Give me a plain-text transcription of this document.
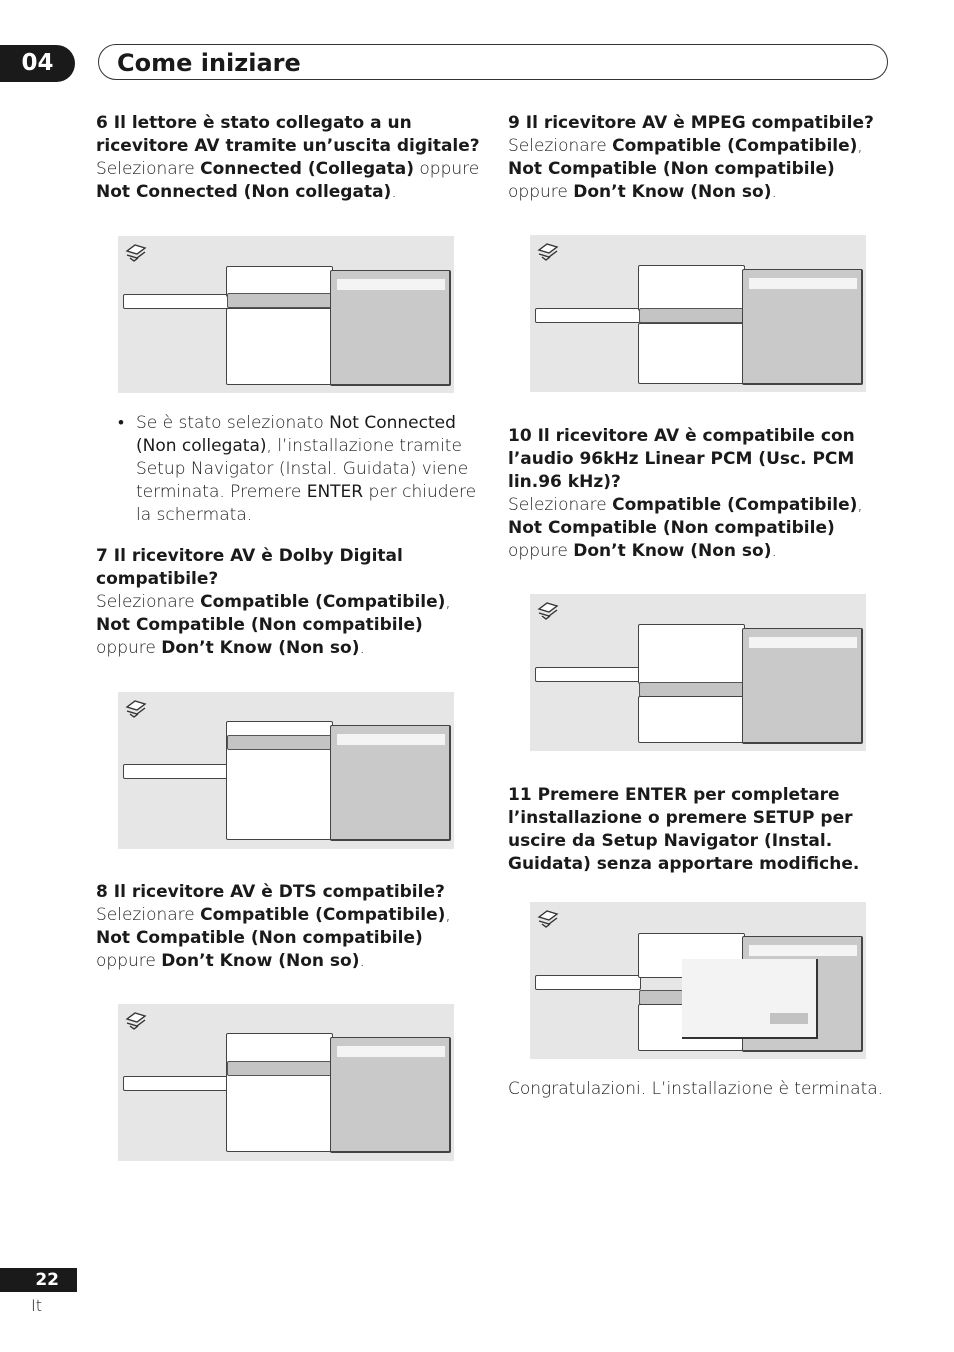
04	Come iniziare
6 Il lettore è stato collegato a un ricevitore AV tramite un’uscita digitale?
Selezionare Connected (Collegata) oppure Not Connected (Non collegata).
• Se è stato selezionato Not Connected (Non collegata), l’installazione tramite Setup Navigator (Instal. Guidata) viene terminata. Premere ENTER per chiudere la schermata.
7 Il ricevitore AV è Dolby Digital compatibile?
Selezionare Compatible (Compatibile), Not Compatible (Non compatibile) oppure Don’t Know (Non so).
8 Il ricevitore AV è DTS compatibile?
Selezionare Compatible (Compatibile), Not Compatible (Non compatibile) oppure Don’t Know (Non so).
9 Il ricevitore AV è MPEG compatibile?
Selezionare Compatible (Compatibile), Not Compatible (Non compatibile) oppure Don’t Know (Non so).
10 Il ricevitore AV è compatibile con l’audio 96kHz Linear PCM (Usc. PCM lin.96 kHz)?
Selezionare Compatible (Compatibile), Not Compatible (Non compatibile) oppure Don’t Know (Non so).
11 Premere ENTER per completare l’installazione o premere SETUP per uscire da Setup Navigator (Instal. Guidata) senza apportare modifiche.
Congratulazioni. L’installazione è terminata.
22
It
